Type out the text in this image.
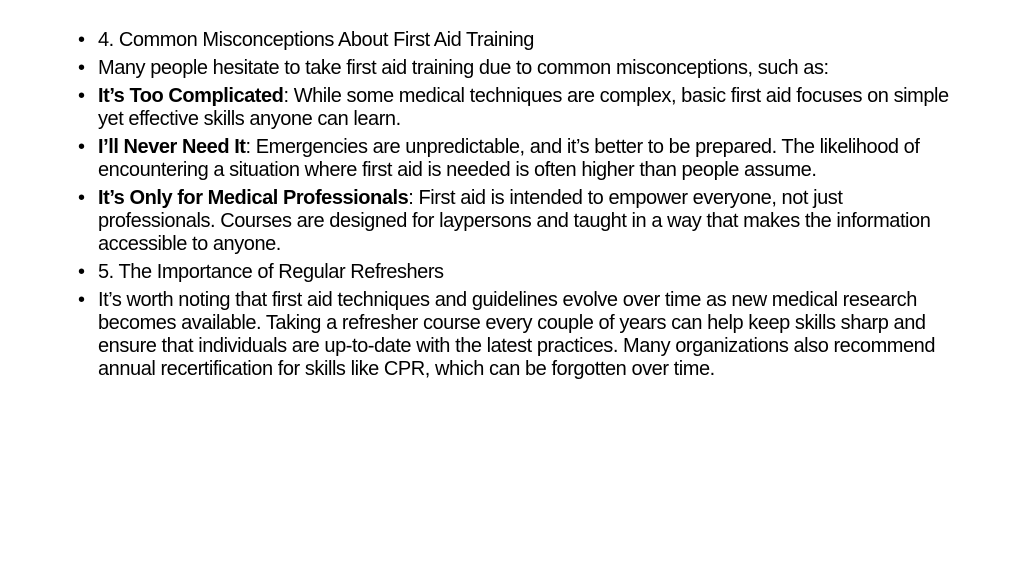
• 4. Common Misconceptions About First Aid Training
• Many people hesitate to take first aid training due to common misconceptions, such as:
• It’s Too Complicated: While some medical techniques are complex, basic first aid focuses on simple yet effective skills anyone can learn.
• I’ll Never Need It: Emergencies are unpredictable, and it’s better to be prepared. The likelihood of encountering a situation where first aid is needed is often higher than people assume.
• It’s Only for Medical Professionals: First aid is intended to empower everyone, not just professionals. Courses are designed for laypersons and taught in a way that makes the information accessible to anyone.
• 5. The Importance of Regular Refreshers
• It’s worth noting that first aid techniques and guidelines evolve over time as new medical research becomes available. Taking a refresher course every couple of years can help keep skills sharp and ensure that individuals are up-to-date with the latest practices. Many organizations also recommend annual recertification for skills like CPR, which can be forgotten over time.
